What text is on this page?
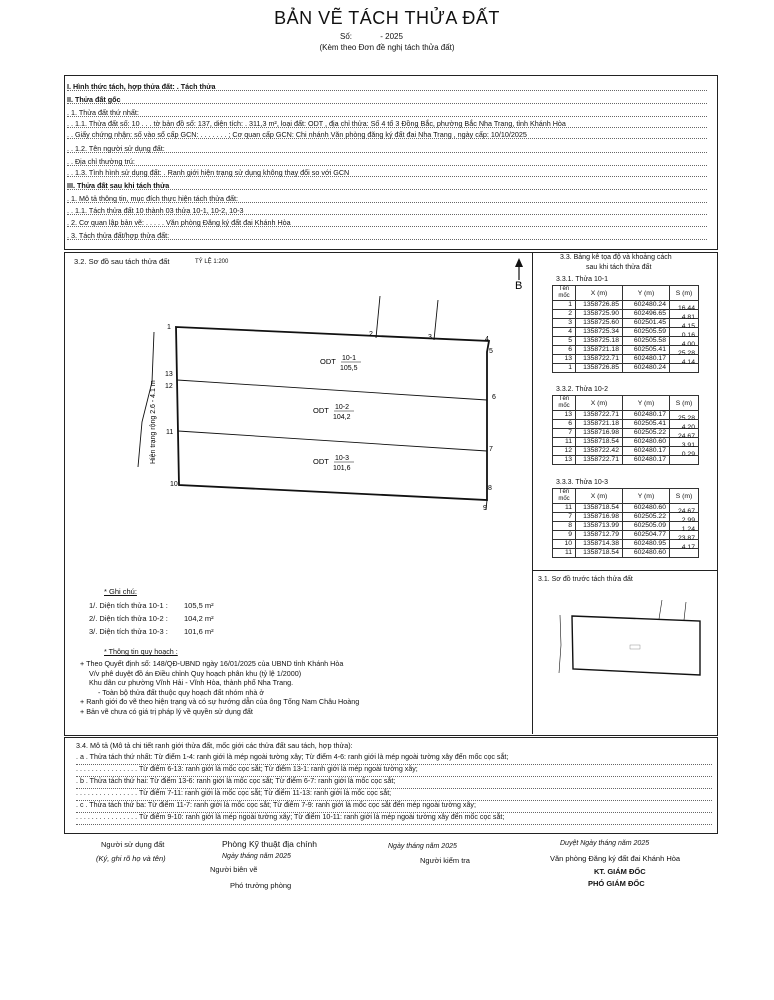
BẢN VẼ TÁCH THỬA ĐẤT
Số:	- 2025
(Kèm theo Đơn đề nghị tách thửa đất)
I. Hình thức tách, hợp thửa đất: . Tách thửa
II. Thửa đất gốc
. 1. Thửa đất thứ nhất:
. . 1.1. Thửa đất số: 10 . . . tờ bản đồ số: 137, diện tích: . 311,3 m², loại đất: ODT , địa chỉ thửa: Số 4 tổ 3 Đồng Bắc, phường Bắc Nha Trang, tỉnh Khánh Hòa
. . Giấy chứng nhận: số vào sổ cấp GCN: . . . . . . . ; Cơ quan cấp GCN: Chi nhánh Văn phòng đăng ký đất đai Nha Trang , ngày cấp: 10/10/2025
. . 1.2. Tên người sử dụng đất:
. . Địa chỉ thường trú:
. . 1.3. Tình hình sử dụng đất: . Ranh giới hiện trạng sử dụng không thay đổi so với GCN
III. Thửa đất sau khi tách thửa
. 1. Mô tả thông tin, mục đích thực hiện tách thửa đất:
. . 1.1. Tách thửa đất 10 thành 03 thửa 10-1, 10-2, 10-3
. 2. Cơ quan lập bản vẽ: . . . . . Văn phòng Đăng ký đất đai Khánh Hòa
. 3. Tách thửa đất/hợp thửa đất:
3.2. Sơ đồ sau tách thửa đất	TỶ LỆ 1:200
B
Hiện trạng rộng 2.6 - 4.1 m
1
2	3	4
5
13
12
6
11
7
10
8
9
ODT 10-1
105,5
ODT 10-2
104,2
ODT 10-3
101,6
* Ghi chú:
1/. Diện tích thửa 10-1 : 105,5 m²
2/. Diện tích thửa 10-2 : 104,2 m²
3/. Diện tích thửa 10-3 : 101,6 m²
* Thông tin quy hoạch :
+ Theo Quyết định số: 148/QĐ-UBND ngày 16/01/2025 của UBND tỉnh Khánh Hòa
V/v phê duyệt đồ án Điều chỉnh Quy hoạch phân khu (tỷ lệ 1/2000)
Khu dân cư phường Vĩnh Hải - Vĩnh Hòa, thành phố Nha Trang.
- Toàn bộ thửa đất thuộc quy hoạch đất nhóm nhà ở
+ Ranh giới đo vẽ theo hiện trạng và có sự hướng dẫn của ông Tống Nam Châu Hoàng
+ Bản vẽ chưa có giá trị pháp lý về quyền sử dụng đất
3.3. Bảng kê tọa độ và khoảng cách
sau khi tách thửa đất
3.3.1. Thửa 10-1
Tên mốc	X (m)	Y (m)	S (m)
1	1358726.85	602480.24	16.44

2	1358725.90	602496.65	4.81

3	1358725.60	602501.45	4.15

4	1358725.34	602505.59	0.16

5	1358725.18	602505.58	4.00

6	1358721.18	602505.41	25.28

13	1358722.71	602480.17	4.14

1	1358726.85	602480.24	
3.3.2. Thửa 10-2
Tên mốc	X (m)	Y (m)	S (m)
13	1358722.71	602480.17	25.28

6	1358721.18	602505.41	4.20

7	1358716.98	602505.22	24.67

11	1358718.54	602480.60	3.91

12	1358722.42	602480.17	0.29

13	1358722.71	602480.17	
3.3.3. Thửa 10-3
Tên mốc	X (m)	Y (m)	S (m)
11	1358718.54	602480.60	24.67

7	1358716.98	602505.22	2.99

8	1358713.99	602505.09	1.24

9	1358712.79	602504.77	23.87

10	1358714.38	602480.95	4.17

11	1358718.54	602480.60	
3.1. Sơ đồ trước tách thửa đất
3.4. Mô tả (Mô tả chi tiết ranh giới thửa đất, mốc giới các thửa đất sau tách, hợp thửa):
. a . Thửa tách thứ nhất: Từ điểm 1-4: ranh giới là mép ngoài tường xây; Từ điểm 4-6: ranh giới là mép ngoài tường xây đến mốc cọc sắt;
. . . . . . . . . . . . . . . . Từ điểm 6-13: ranh giới là mốc cọc sắt; Từ điểm 13-1: ranh giới là mép ngoài tường xây;
. b . Thửa tách thứ hai: Từ điểm 13-6: ranh giới là mốc cọc sắt; Từ điểm 6-7: ranh giới là mốc cọc sắt;
. . . . . . . . . . . . . . . . Từ điểm 7-11: ranh giới là mốc cọc sắt; Từ điểm 11-13: ranh giới là mốc cọc sắt;
. c . Thửa tách thứ ba: Từ điểm 11-7: ranh giới là mốc cọc sắt; Từ điểm 7-9: ranh giới là mốc cọc sắt đến mép ngoài tường xây;
. . . . . . . . . . . . . . . . Từ điểm 9-10: ranh giới là mép ngoài tường xây; Từ điểm 10-11: ranh giới là mép ngoài tường xây đến mốc cọc sắt;
Người sử dụng đất
(Ký, ghi rõ họ và tên)
Phòng Kỹ thuật địa chính
Ngày tháng năm 2025
Người biên vẽ
Phó trưởng phòng
Ngày tháng năm 2025
Người kiểm tra
Duyệt Ngày tháng năm 2025
Văn phòng Đăng ký đất đai Khánh Hòa
KT. GIÁM ĐỐC
PHÓ GIÁM ĐỐC
